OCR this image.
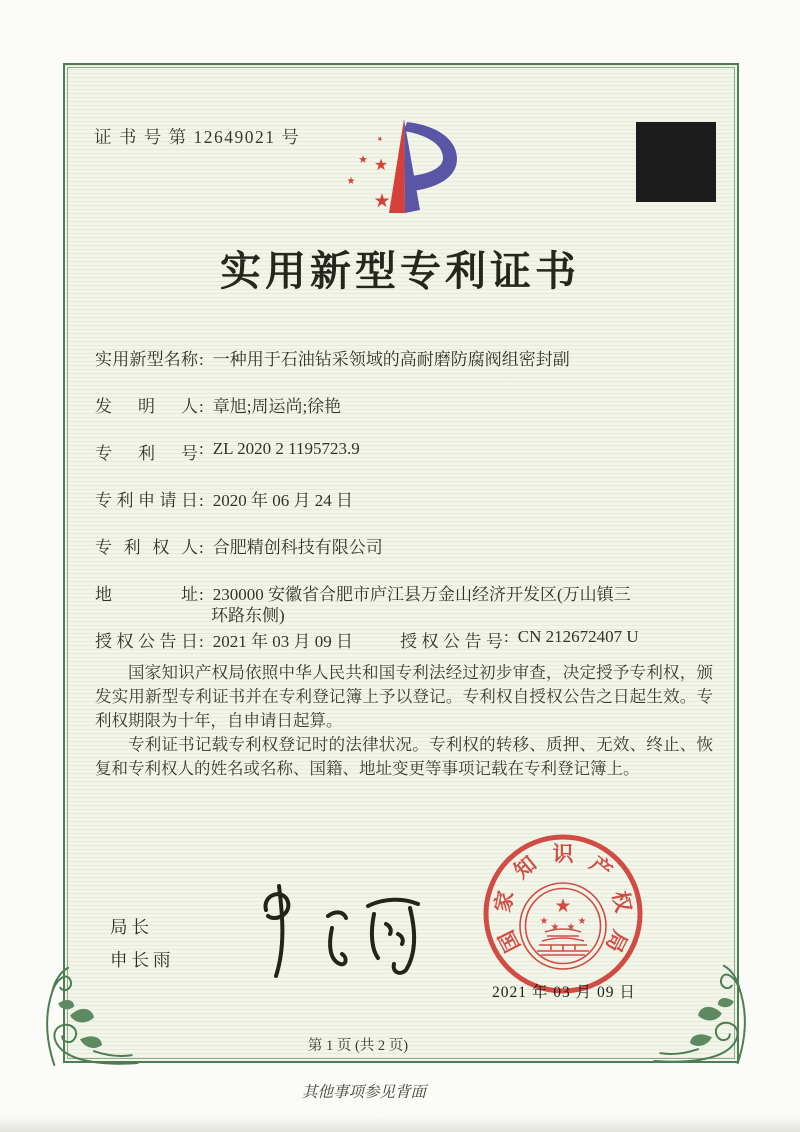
证 书 号 第 12649021 号
★
★
★
★
★
实用新型专利证书
实用新型名称: 一种用于石油钻采领域的高耐磨防腐阀组密封副
发明人: 章旭;周运尚;徐艳
专利号: ZL 2020 2 1195723.9
专利申请日: 2020 年 06 月 24 日
专利权人: 合肥精创科技有限公司
地址: 230000 安徽省合肥市庐江县万金山经济开发区(万山镇三
环路东侧)
授权公告日: 2021 年 03 月 09 日	授权公告号: CN 212672407 U

国家知识产权局依照中华人民共和国专利法经过初步审查，决定授予专利权，颁发实用新型专利证书并在专利登记簿上予以登记。专利权自授权公告之日起生效。专利权期限为十年，自申请日起算。

专利证书记载专利权登记时的法律状况。专利权的转移、质押、无效、终止、恢复和专利权人的姓名或名称、国籍、地址变更等事项记载在专利登记簿上。

局长
申长雨
国
家
知 识 产
权
局
★
★
★ ★
★
2021 年 03 月 09 日
第 1 页 (共 2 页)
其他事项参见背面
